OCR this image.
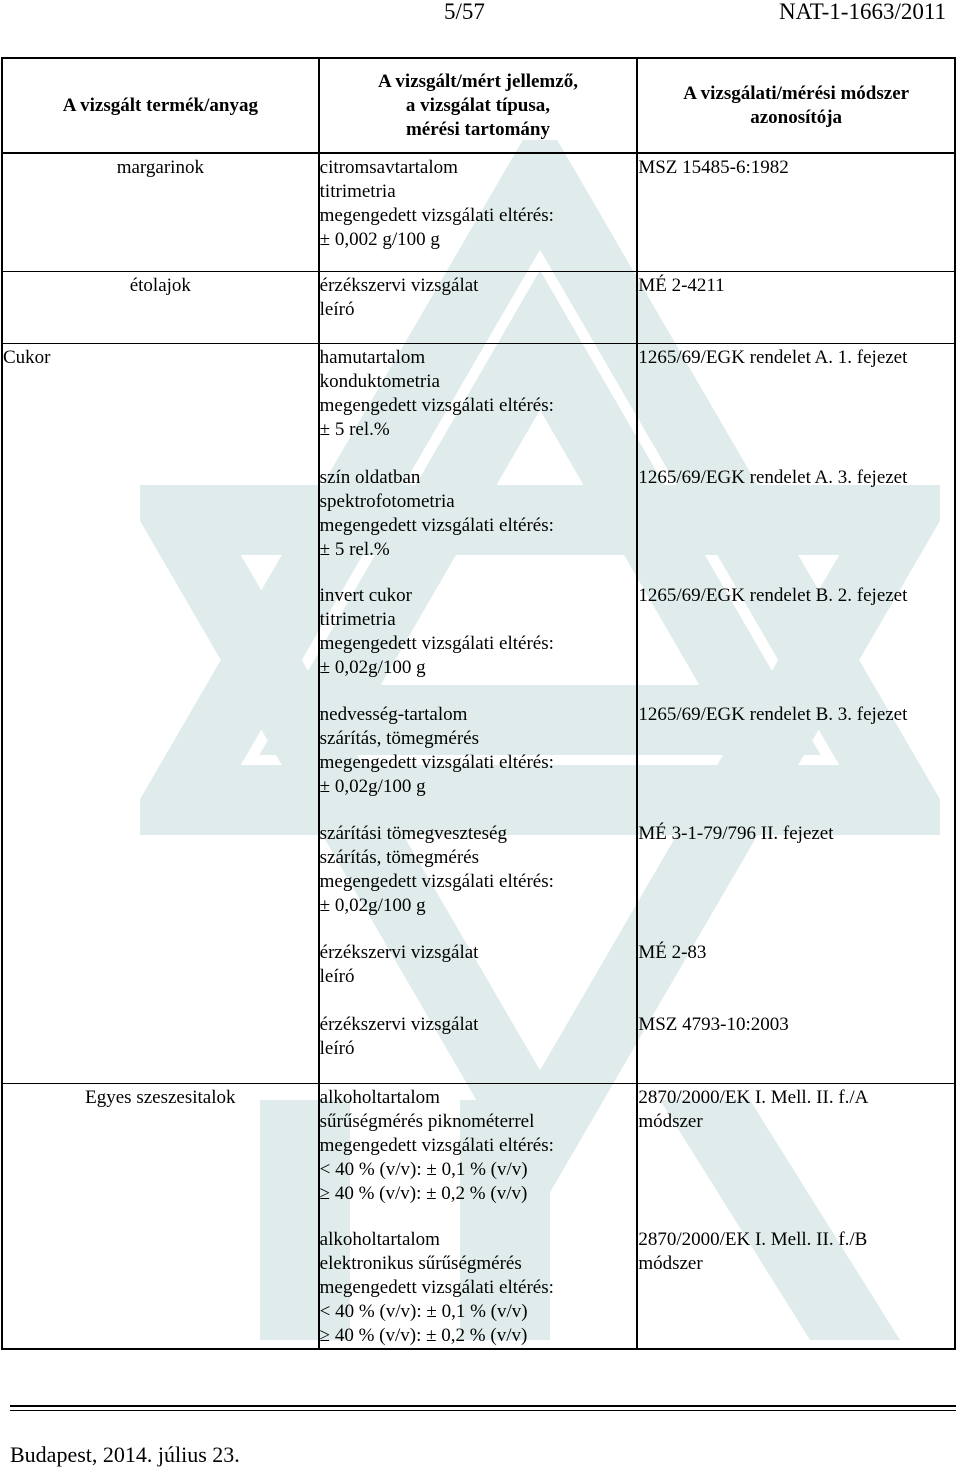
5/57	NAT-1-1663/2011
A vizsgált termék/anyag	A vizsgált/mért jellemző,
a vizsgálat típusa,
mérési tartomány	A vizsgálati/mérési módszer
azonosítója
margarinok	citromsavtartalom
titrimetria
megengedett vizsgálati eltérés:
± 0,002 g/100 g	MSZ 15485-6:1982
étolajok	érzékszervi vizsgálat
leíró	MÉ 2-4211
Cukor	hamutartalom
konduktometria
megengedett vizsgálati eltérés:
± 5 rel.%	1265/69/EGK rendelet A. 1. fejezet
	szín oldatban
spektrofotometria
megengedett vizsgálati eltérés:
± 5 rel.%	1265/69/EGK rendelet A. 3. fejezet
	invert cukor
titrimetria
megengedett vizsgálati eltérés:
± 0,02g/100 g	1265/69/EGK rendelet B. 2. fejezet
	nedvesség-tartalom
szárítás, tömegmérés
megengedett vizsgálati eltérés:
± 0,02g/100 g	1265/69/EGK rendelet B. 3. fejezet
	szárítási tömegveszteség
szárítás, tömegmérés
megengedett vizsgálati eltérés:
± 0,02g/100 g	MÉ 3-1-79/796 II. fejezet
	érzékszervi vizsgálat
leíró	MÉ 2-83
	érzékszervi vizsgálat
leíró	MSZ 4793-10:2003
Egyes szeszesitalok	alkoholtartalom
sűrűségmérés piknométerrel
megengedett vizsgálati eltérés:
< 40 % (v/v): ± 0,1 % (v/v)
≥ 40 % (v/v): ± 0,2 % (v/v)	2870/2000/EK I. Mell. II. f./A
módszer
	alkoholtartalom
elektronikus sűrűségmérés
megengedett vizsgálati eltérés:
< 40 % (v/v): ± 0,1 % (v/v)
≥ 40 % (v/v): ± 0,2 % (v/v)	2870/2000/EK I. Mell. II. f./B
módszer
Budapest, 2014. július 23.
